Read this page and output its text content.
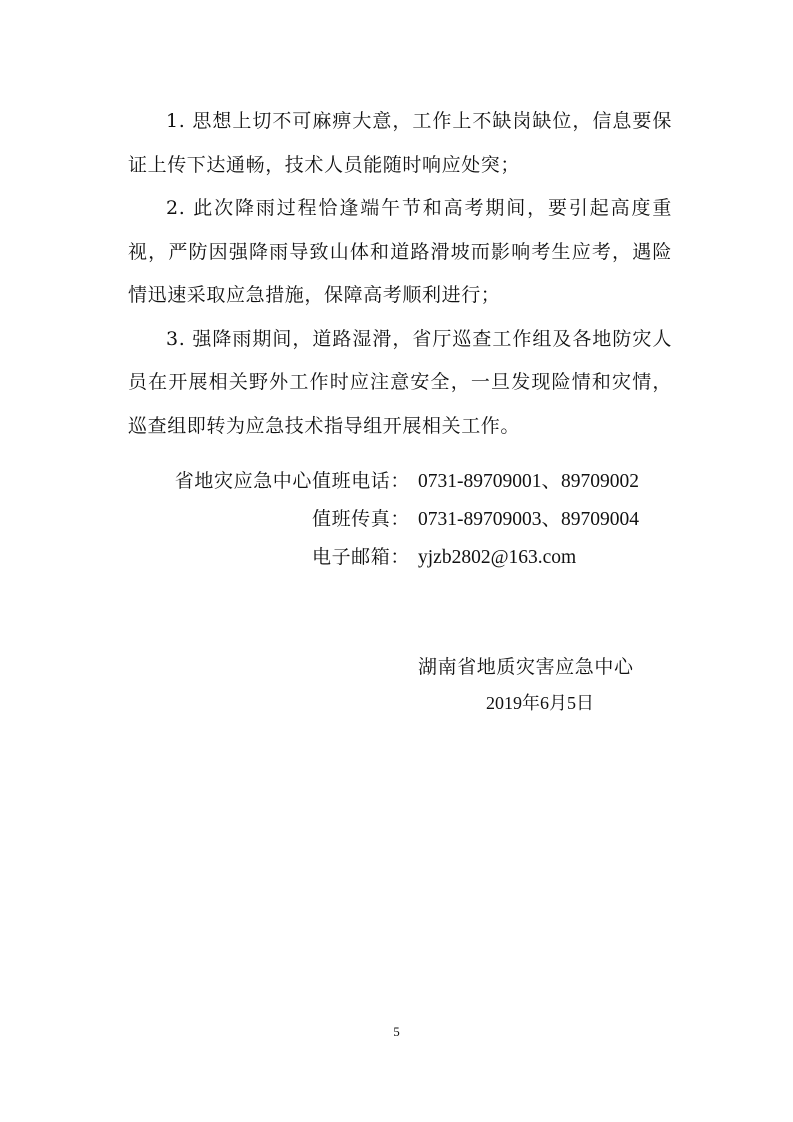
1. 思想上切不可麻痹大意，工作上不缺岗缺位，信息要保证上传下达通畅，技术人员能随时响应处突；

2. 此次降雨过程恰逢端午节和高考期间，要引起高度重视，严防因强降雨导致山体和道路滑坡而影响考生应考，遇险情迅速采取应急措施，保障高考顺利进行；

3. 强降雨期间，道路湿滑，省厅巡查工作组及各地防灾人员在开展相关野外工作时应注意安全，一旦发现险情和灾情，巡查组即转为应急技术指导组开展相关工作。

省地灾应急中心值班电话： 0731-89709001、89709002
值班传真： 0731-89709003、89709004
电子邮箱： yjzb2802@163.com
湖南省地质灾害应急中心
2019年6月5日
5
